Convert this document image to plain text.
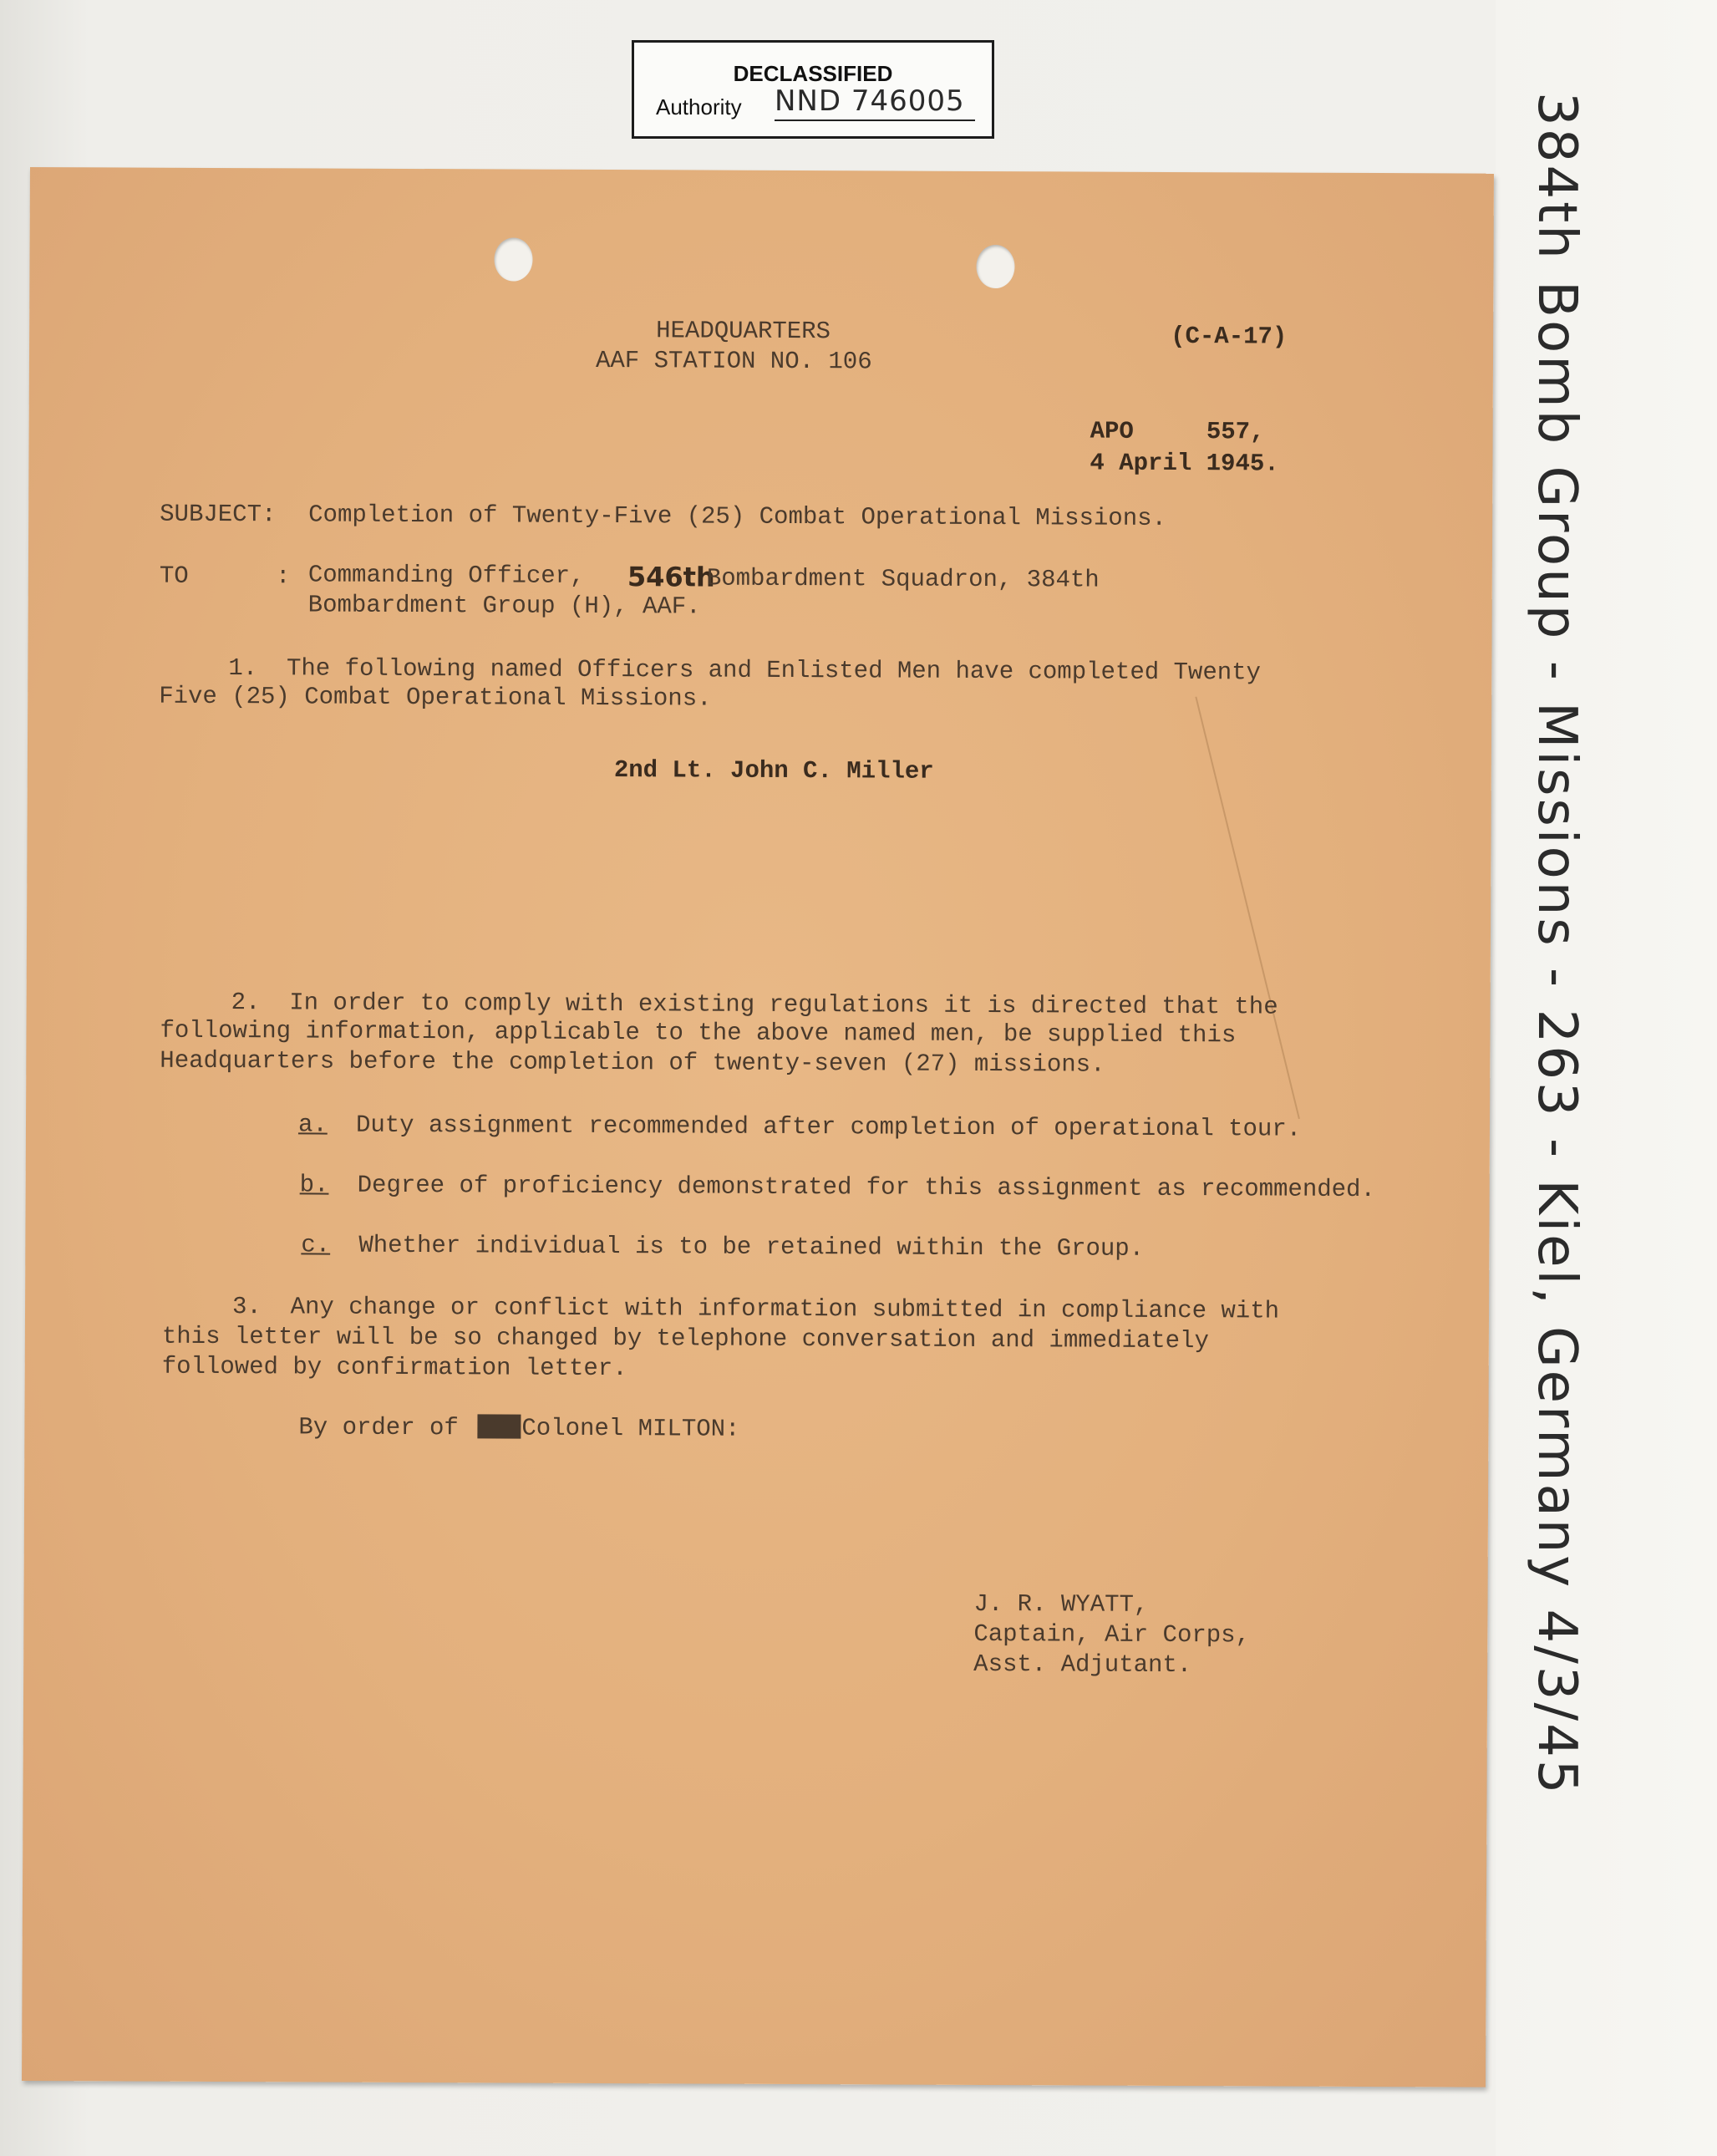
DECLASSIFIED
Authority NND 746005
HEADQUARTERS
AAF STATION NO. 106
(C-A-17)
APO     557,
4 April 1945.
SUBJECT: Completion of Twenty-Five (25) Combat Operational Missions.
TO      : Commanding Officer, 546th
Bombardment Squadron, 384th
Bombardment Group (H), AAF.
1.  The following named Officers and Enlisted Men have completed Twenty
Five (25) Combat Operational Missions.
2nd Lt. John C. Miller
2.  In order to comply with existing regulations it is directed that the
following information, applicable to the above named men, be supplied this
Headquarters before the completion of twenty-seven (27) missions.
a. Duty assignment recommended after completion of operational tour.
b. Degree of proficiency demonstrated for this assignment as recommended.
c. Whether individual is to be retained within the Group.
3.  Any change or conflict with information submitted in compliance with
this letter will be so changed by telephone conversation and immediately
followed by confirmation letter.
By order of Lt. Colonel MILTON:
J. R. WYATT,
Captain, Air Corps,
Asst. Adjutant.	384th Bomb Group - Missions - 263 - Kiel, Germany 4/3/45
